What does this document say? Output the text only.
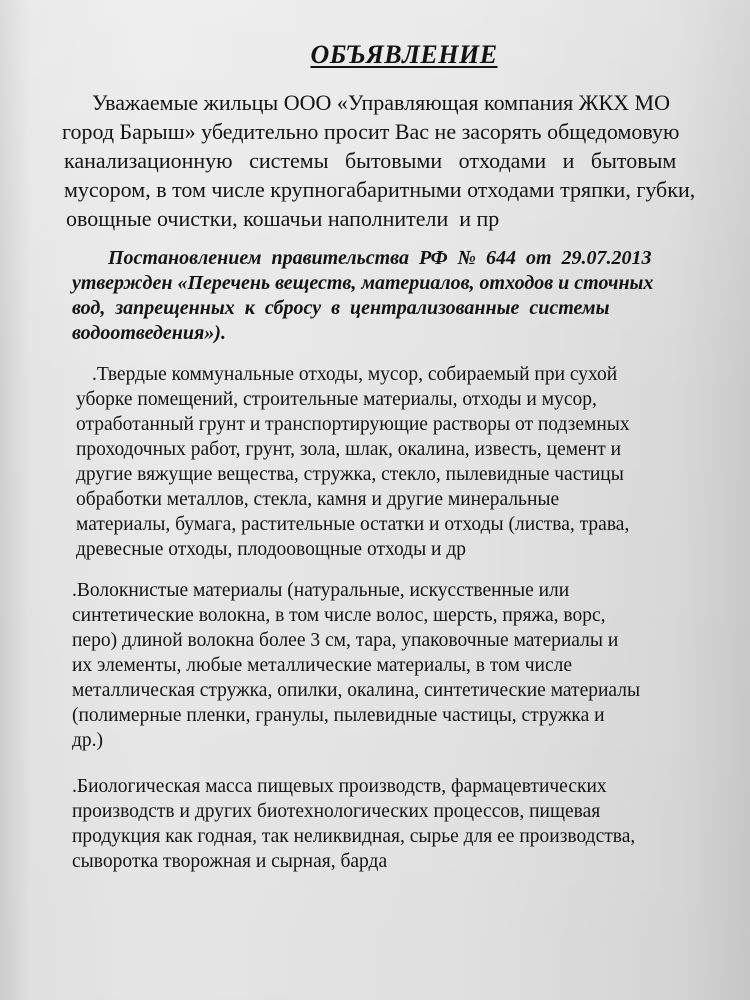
ОБЪЯВЛЕНИЕ

Уважаемые жильцы ООО «Управляющая компания ЖКХ МО

город Барыш» убедительно просит Вас не засорять общедомовую

канализационную   системы   бытовыми   отходами   и   бытовым

мусором, в том числе крупногабаритными отходами тряпки, губки,

овощные очистки, кошачьи наполнители  и пр

Постановлением  правительства  РФ  №  644  от  29.07.2013

утвержден «Перечень веществ, материалов, отходов и сточных

вод,  запрещенных  к  сбросу  в  централизованные  системы

водоотведения»).

.Твердые коммунальные отходы, мусор, собираемый при сухой

уборке помещений, строительные материалы, отходы и мусор,

отработанный грунт и транспортирующие растворы от подземных

проходочных работ, грунт, зола, шлак, окалина, известь, цемент и

другие вяжущие вещества, стружка, стекло, пылевидные частицы

обработки металлов, стекла, камня и другие минеральные

материалы, бумага, растительные остатки и отходы (листва, трава,

древесные отходы, плодоовощные отходы и др

.Волокнистые материалы (натуральные, искусственные или

синтетические волокна, в том числе волос, шерсть, пряжа, ворс,

перо) длиной волокна более 3 см, тара, упаковочные материалы и

их элементы, любые металлические материалы, в том числе

металлическая стружка, опилки, окалина, синтетические материалы

(полимерные пленки, гранулы, пылевидные частицы, стружка и

др.)

.Биологическая масса пищевых производств, фармацевтических

производств и других биотехнологических процессов, пищевая

продукция как годная, так неликвидная, сырье для ее производства,

сыворотка творожная и сырная, барда
